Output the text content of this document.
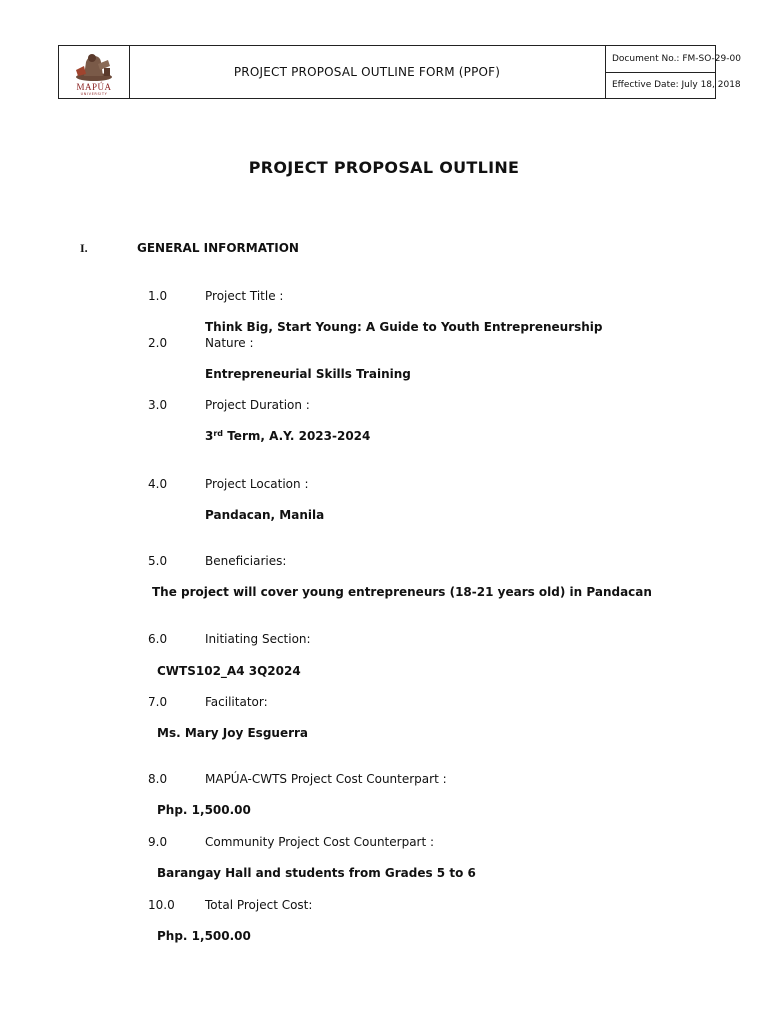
MAPÚA
UNIVERSITY
PROJECT PROPOSAL OUTLINE FORM (PPOF)
Document No.: FM-SO-29-00
Effective Date: July 18, 2018
PROJECT PROPOSAL OUTLINE
I.	GENERAL INFORMATION
1.0	Project Title :
Think Big, Start Young: A Guide to Youth Entrepreneurship
2.0	Nature :
Entrepreneurial Skills Training
3.0	Project Duration :
3rd Term, A.Y. 2023-2024
4.0	Project Location :
Pandacan, Manila
5.0	Beneficiaries:
The project will cover young entrepreneurs (18-21 years old) in Pandacan
6.0	Initiating Section:
CWTS102_A4 3Q2024
7.0	Facilitator:
Ms. Mary Joy Esguerra
8.0	MAPÚA-CWTS Project Cost Counterpart :
Php. 1,500.00
9.0	Community Project Cost Counterpart :
Barangay Hall and students from Grades 5 to 6
10.0	Total Project Cost:
Php. 1,500.00
